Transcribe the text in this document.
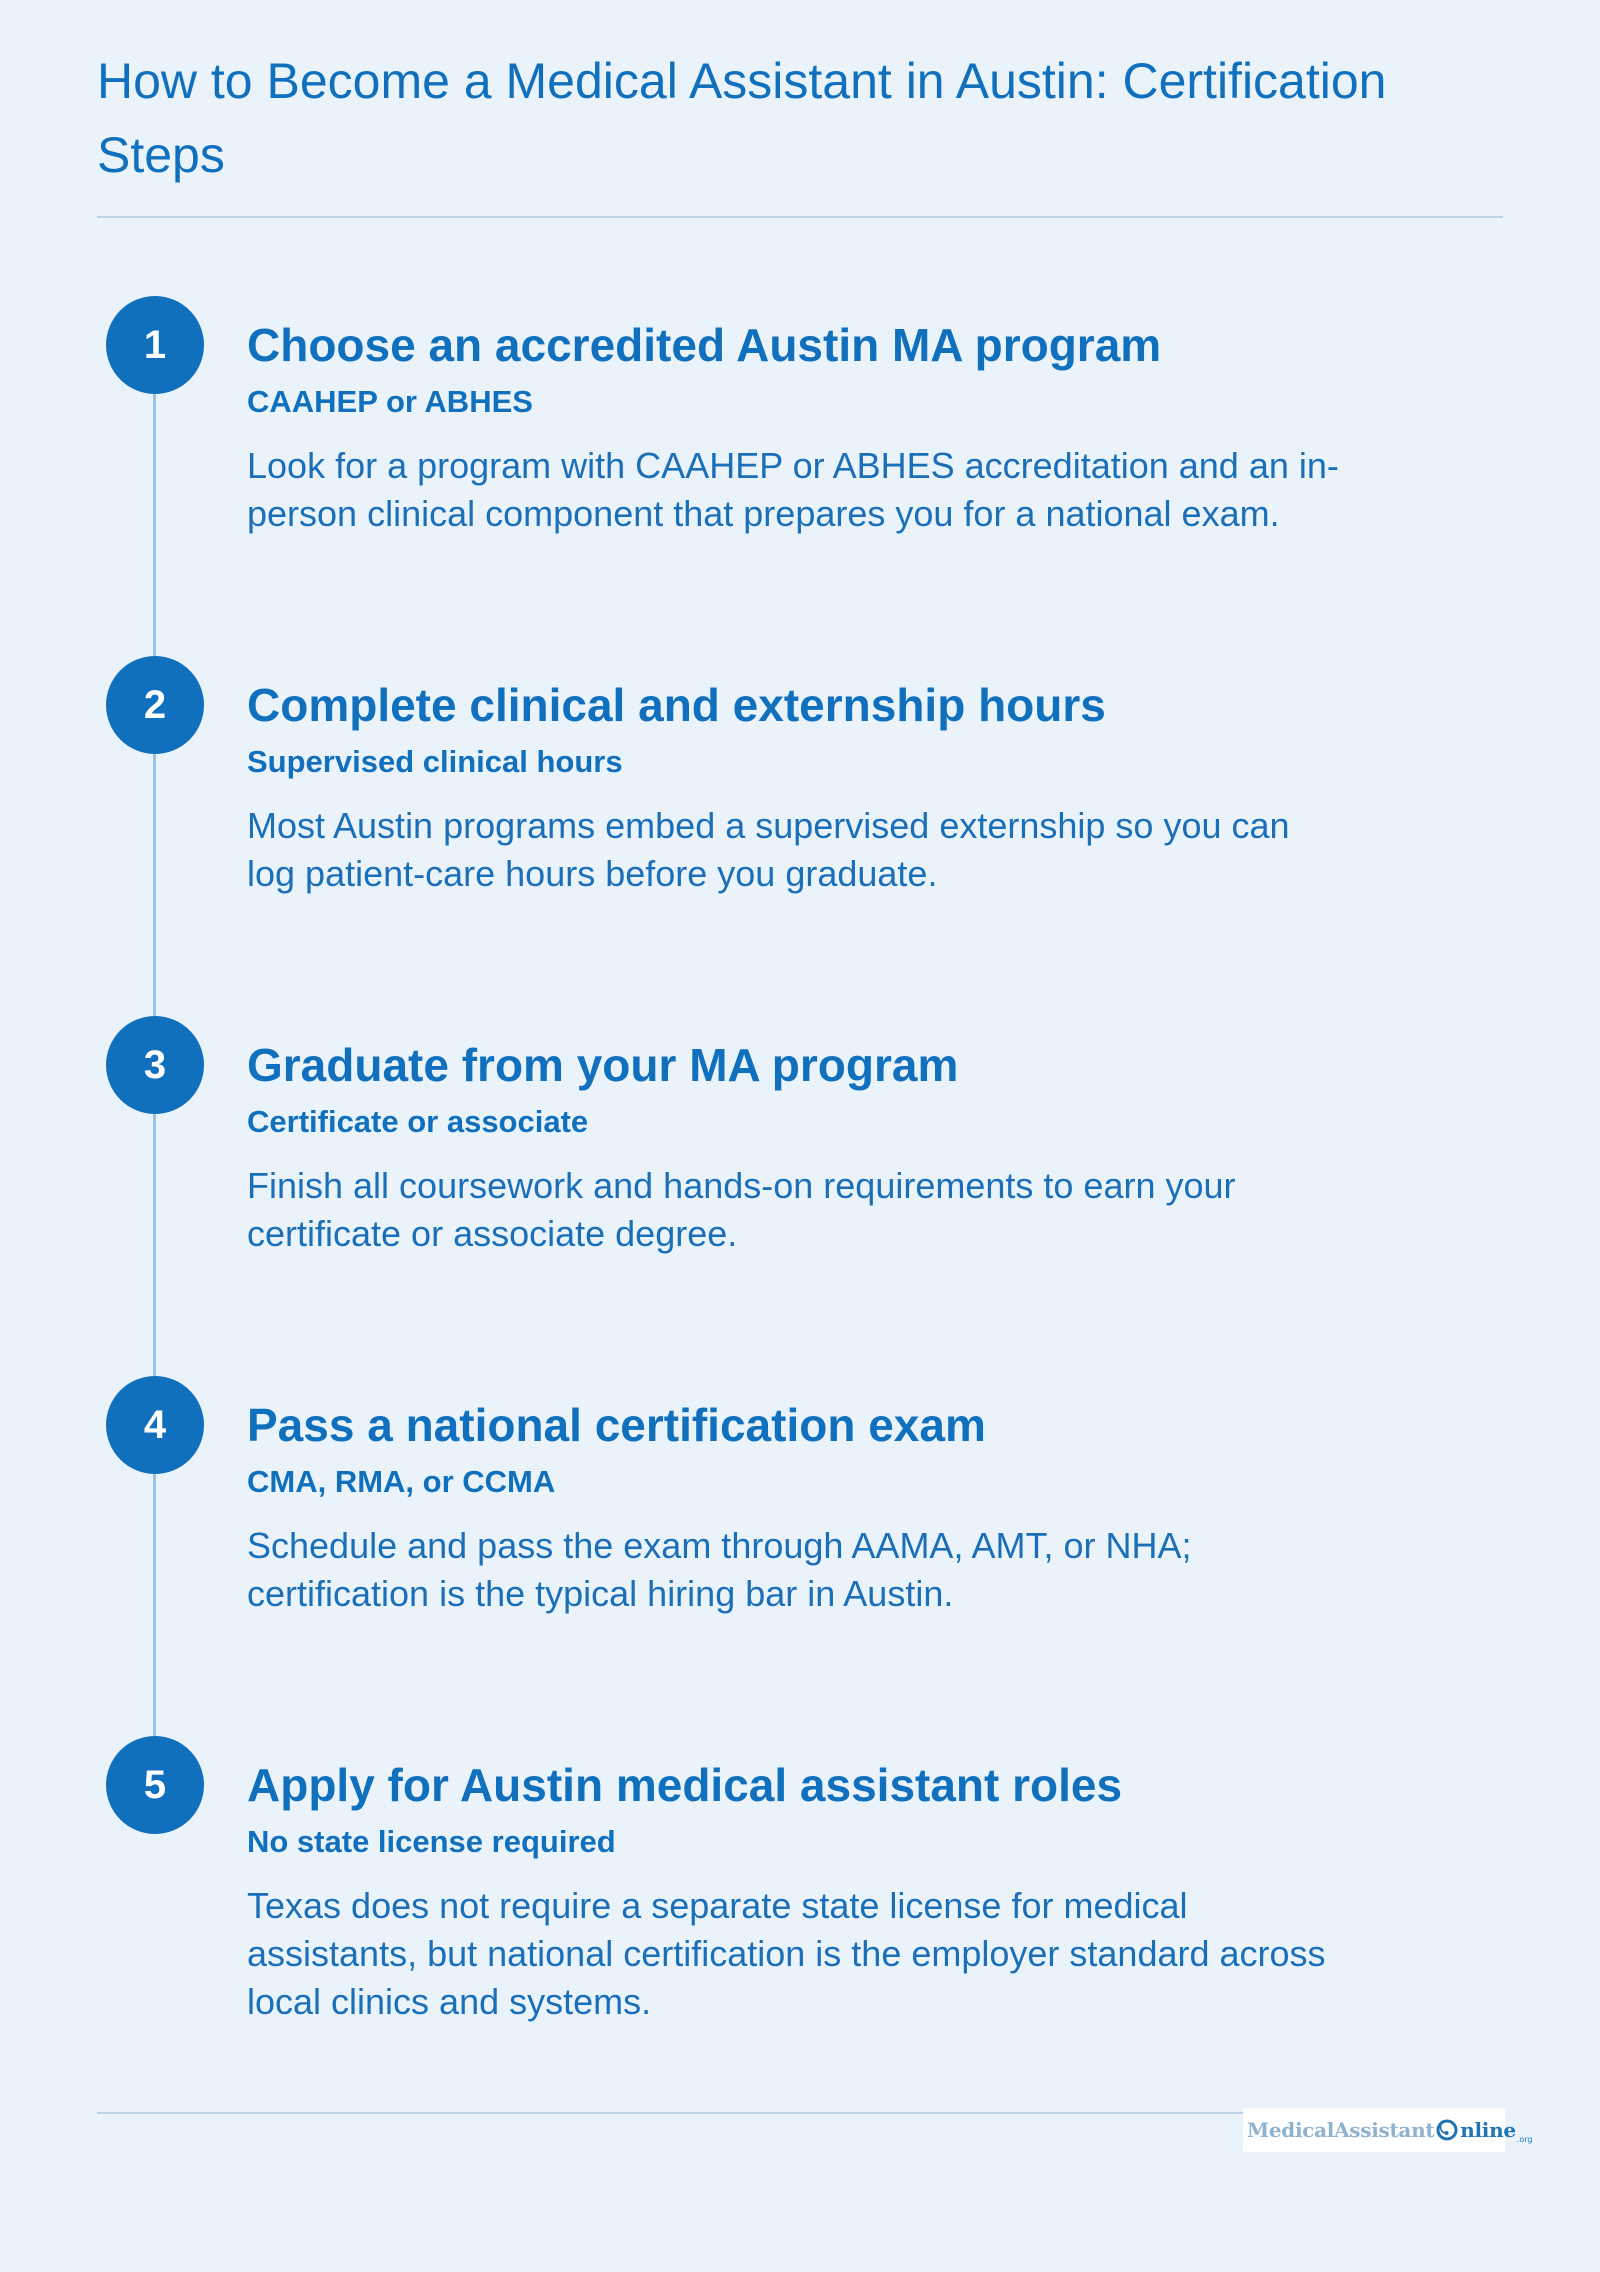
How to Become a Medical Assistant in Austin: Certification Steps
1	Choose an accredited Austin MA program
CAAHEP or ABHES

Look for a program with CAAHEP or ABHES accreditation and an in-person clinical component that prepares you for a national exam.

2	Complete clinical and externship hours
Supervised clinical hours

Most Austin programs embed a supervised externship so you can log patient-care hours before you graduate.

3	Graduate from your MA program
Certificate or associate

Finish all coursework and hands-on requirements to earn your certificate or associate degree.

4	Pass a national certification exam
CMA, RMA, or CCMA

Schedule and pass the exam through AAMA, AMT, or NHA; certification is the typical hiring bar in Austin.

5	Apply for Austin medical assistant roles
No state license required

Texas does not require a separate state license for medical assistants, but national certification is the employer standard across local clinics and systems.

MedicalAssistant nline .org
